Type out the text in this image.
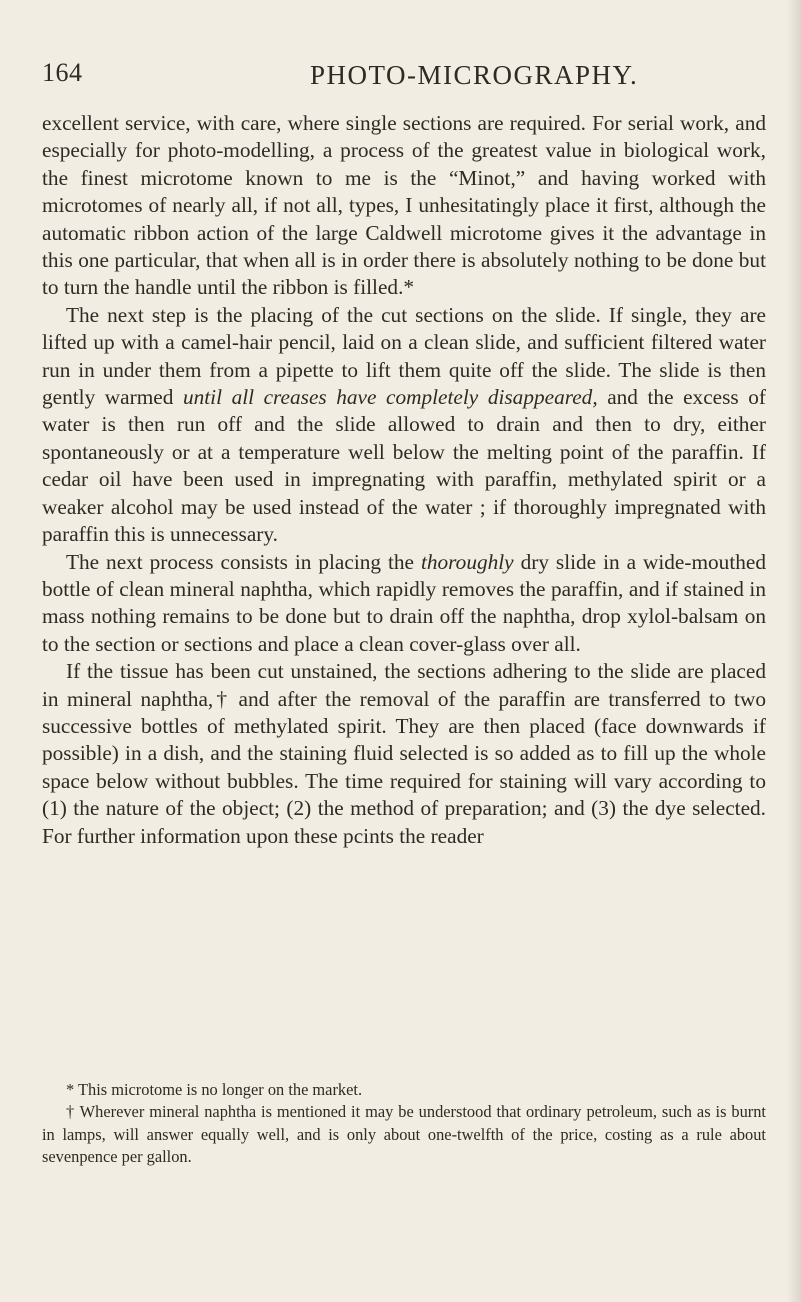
164	PHOTO-MICROGRAPHY.

excellent service, with care, where single sections are required. For serial work, and especially for photo-modelling, a process of the greatest value in biological work, the finest microtome known to me is the “Minot,” and having worked with microtomes of nearly all, if not all, types, I unhesitatingly place it first, although the automatic ribbon action of the large Caldwell microtome gives it the advantage in this one particular, that when all is in order there is absolutely nothing to be done but to turn the handle until the ribbon is filled.*

The next step is the placing of the cut sections on the slide. If single, they are lifted up with a camel-hair pencil, laid on a clean slide, and sufficient filtered water run in under them from a pipette to lift them quite off the slide. The slide is then gently warmed until all creases have completely disappeared, and the excess of water is then run off and the slide allowed to drain and then to dry, either spontaneously or at a temperature well below the melting point of the paraffin. If cedar oil have been used in impregnating with paraffin, methylated spirit or a weaker alcohol may be used instead of the water ; if thoroughly impregnated with paraffin this is unnecessary.

The next process consists in placing the thoroughly dry slide in a wide-mouthed bottle of clean mineral naphtha, which rapidly removes the paraffin, and if stained in mass nothing remains to be done but to drain off the naphtha, drop xylol-balsam on to the section or sections and place a clean cover-glass over all.

If the tissue has been cut unstained, the sections adhering to the slide are placed in mineral naphtha,† and after the removal of the paraffin are transferred to two successive bottles of methylated spirit. They are then placed (face downwards if possible) in a dish, and the staining fluid selected is so added as to fill up the whole space below without bubbles. The time required for staining will vary according to (1) the nature of the object; (2) the method of preparation; and (3) the dye selected. For further information upon these pcints the reader

* This microtome is no longer on the market.

† Wherever mineral naphtha is mentioned it may be understood that ordinary petroleum, such as is burnt in lamps, will answer equally well, and is only about one-twelfth of the price, costing as a rule about sevenpence per gallon.
